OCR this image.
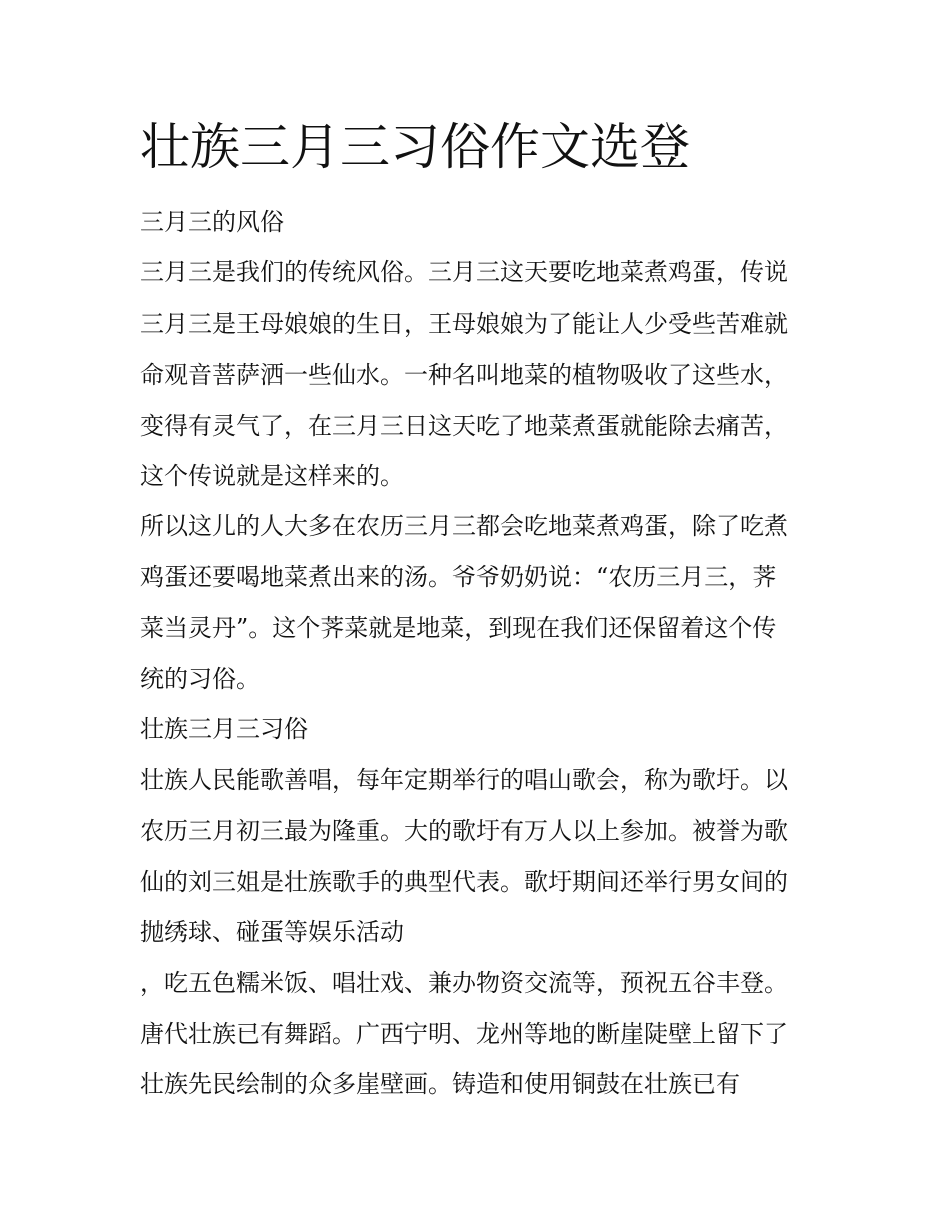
壮族三月三习俗作文选登

三月三的风俗

三月三是我们的传统风俗。三月三这天要吃地菜煮鸡蛋，传说

三月三是王母娘娘的生日，王母娘娘为了能让人少受些苦难就

命观音菩萨洒一些仙水。一种名叫地菜的植物吸收了这些水，

变得有灵气了，在三月三日这天吃了地菜煮蛋就能除去痛苦，

这个传说就是这样来的。

所以这儿的人大多在农历三月三都会吃地菜煮鸡蛋，除了吃煮

鸡蛋还要喝地菜煮出来的汤。爷爷奶奶说：“农历三月三，荠

菜当灵丹”。这个荠菜就是地菜，到现在我们还保留着这个传

统的习俗。

壮族三月三习俗

壮族人民能歌善唱，每年定期举行的唱山歌会，称为歌圩。以

农历三月初三最为隆重。大的歌圩有万人以上参加。被誉为歌

仙的刘三姐是壮族歌手的典型代表。歌圩期间还举行男女间的

抛绣球、碰蛋等娱乐活动

，吃五色糯米饭、唱壮戏、兼办物资交流等，预祝五谷丰登。

唐代壮族已有舞蹈。广西宁明、龙州等地的断崖陡壁上留下了

壮族先民绘制的众多崖壁画。铸造和使用铜鼓在壮族已有
